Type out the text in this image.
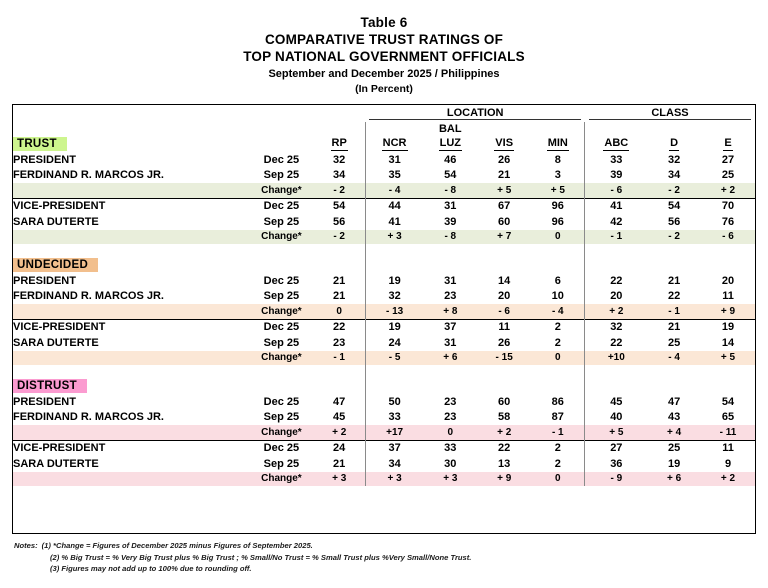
Table 6
COMPARATIVE TRUST RATINGS OF
TOP NATIONAL GOVERNMENT OFFICIALS
September and December 2025 / Philippines
(In Percent)

			LOCATION				CLASS		

				BAL					
TRUST		RP	NCR	LUZ	VIS	MIN	ABC	D	E
PRESIDENT	Dec 25	32	31	46	26	8	33	32	27
FERDINAND R. MARCOS JR.	Sep 25	34	35	54	21	3	39	34	25
	Change*	- 2	- 4	- 8	+ 5	+ 5	- 6	- 2	+ 2
VICE-PRESIDENT	Dec 25	54	44	31	67	96	41	54	70
SARA DUTERTE	Sep 25	56	41	39	60	96	42	56	76
	Change*	- 2	+ 3	- 8	+ 7	0	- 1	- 2	- 6

UNDECIDED									
PRESIDENT	Dec 25	21	19	31	14	6	22	21	20
FERDINAND R. MARCOS JR.	Sep 25	21	32	23	20	10	20	22	11
	Change*	0	- 13	+ 8	- 6	- 4	+ 2	- 1	+ 9
VICE-PRESIDENT	Dec 25	22	19	37	11	2	32	21	19
SARA DUTERTE	Sep 25	23	24	31	26	2	22	25	14
	Change*	- 1	- 5	+ 6	- 15	0	+10	- 4	+ 5

DISTRUST									
PRESIDENT	Dec 25	47	50	23	60	86	45	47	54
FERDINAND R. MARCOS JR.	Sep 25	45	33	23	58	87	40	43	65
	Change*	+ 2	+17	0	+ 2	- 1	+ 5	+ 4	- 11
VICE-PRESIDENT	Dec 25	24	37	33	22	2	27	25	11
SARA DUTERTE	Sep 25	21	34	30	13	2	36	19	9
	Change*	+ 3	+ 3	+ 3	+ 9	0	- 9	+ 6	+ 2

Notes: (1) *Change = Figures of December 2025 minus Figures of September 2025.
(2) % Big Trust = % Very Big Trust plus % Big Trust ; % Small/No Trust = % Small Trust plus %Very Small/None Trust.
(3) Figures may not add up to 100% due to rounding off.
